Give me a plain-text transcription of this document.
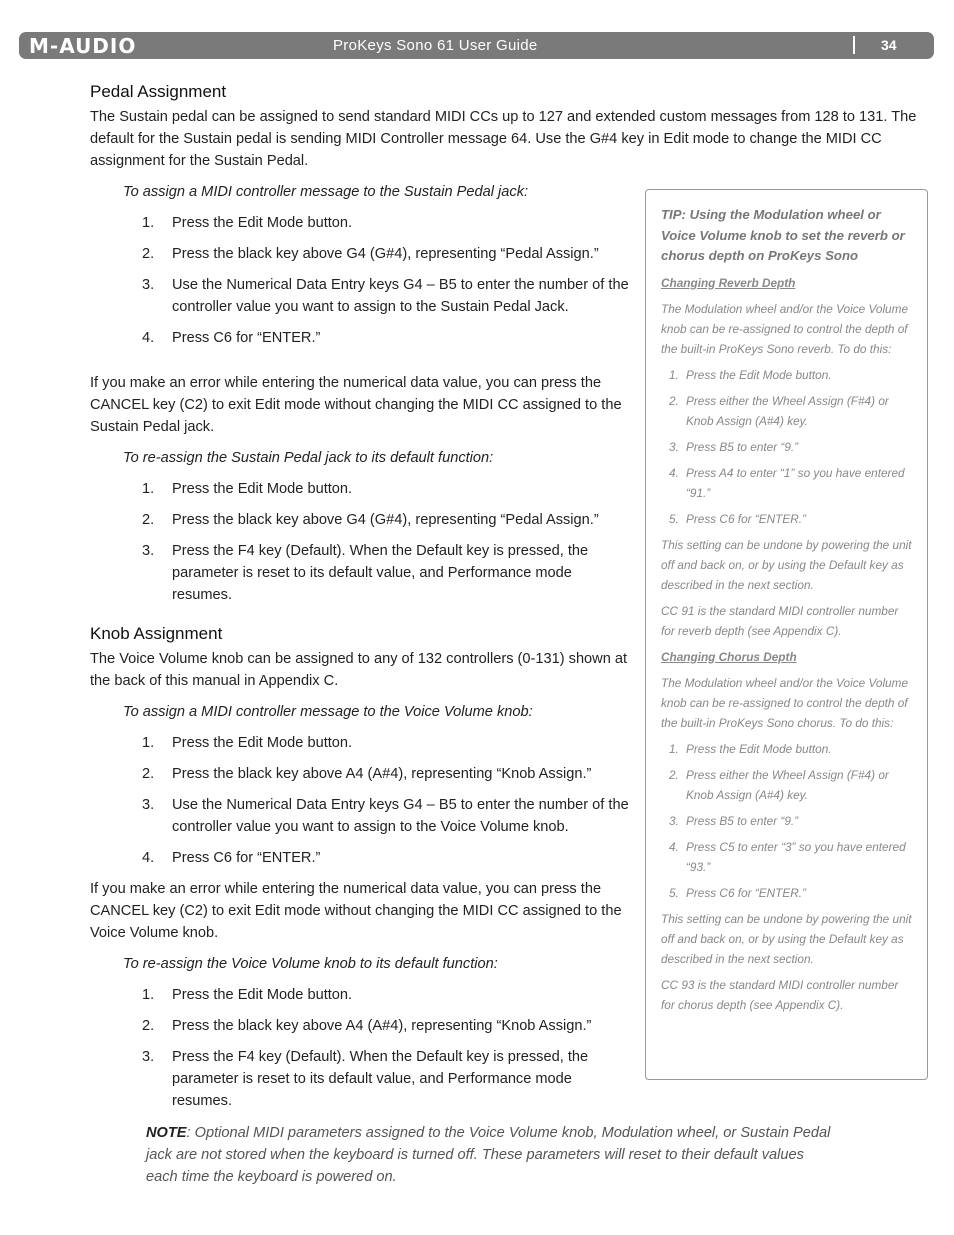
M-AUDIO	ProKeys Sono 61 User Guide	34
Pedal Assignment

The Sustain pedal can be assigned to send standard MIDI CCs up to 127 and extended custom messages from 128 to 131. The default for the Sustain pedal is sending MIDI Controller message 64. Use the G#4 key in Edit mode to change the MIDI CC assignment for the Sustain Pedal.

To assign a MIDI controller message to the Sustain Pedal jack:

1. Press the Edit Mode button.
2. Press the black key above G4 (G#4), representing “Pedal Assign.”
3. Use the Numerical Data Entry keys G4 – B5 to enter the number of the controller value you want to assign to the Sustain Pedal Jack.
4. Press C6 for “ENTER.”

If you make an error while entering the numerical data value, you can press the CANCEL key (C2) to exit Edit mode without changing the MIDI CC assigned to the Sustain Pedal jack.

To re-assign the Sustain Pedal jack to its default function:

1. Press the Edit Mode button.
2. Press the black key above G4 (G#4), representing “Pedal Assign.”
3. Press the F4 key (Default). When the Default key is pressed, the parameter is reset to its default value, and Performance mode resumes.
Knob Assignment

The Voice Volume knob can be assigned to any of 132 controllers (0-131) shown at the back of this manual in Appendix C.

To assign a MIDI controller message to the Voice Volume knob:

1. Press the Edit Mode button.
2. Press the black key above A4 (A#4), representing “Knob Assign.”
3. Use the Numerical Data Entry keys G4 – B5 to enter the number of the controller value you want to assign to the Voice Volume knob.
4. Press C6 for “ENTER.”

If you make an error while entering the numerical data value, you can press the CANCEL key (C2) to exit Edit mode without changing the MIDI CC assigned to the Voice Volume knob.

To re-assign the Voice Volume knob to its default function:

1. Press the Edit Mode button.
2. Press the black key above A4 (A#4), representing “Knob Assign.”
3. Press the F4 key (Default). When the Default key is pressed, the parameter is reset to its default value, and Performance mode resumes.

NOTE: Optional MIDI parameters assigned to the Voice Volume knob, Modulation wheel, or Sustain Pedal jack are not stored when the keyboard is turned off. These parameters will reset to their default values each time the keyboard is powered on.

TIP: Using the Modulation wheel or Voice Volume knob to set the reverb or chorus depth on ProKeys Sono

Changing Reverb Depth

The Modulation wheel and/or the Voice Volume knob can be re-assigned to control the depth of the built-in ProKeys Sono reverb. To do this:

1. Press the Edit Mode button.
2. Press either the Wheel Assign (F#4) or Knob Assign (A#4) key.
3. Press B5 to enter “9.”
4. Press A4 to enter “1” so you have entered “91.”
5. Press C6 for “ENTER.”

This setting can be undone by powering the unit off and back on, or by using the Default key as described in the next section.

CC 91 is the standard MIDI controller number for reverb depth (see Appendix C).

Changing Chorus Depth

The Modulation wheel and/or the Voice Volume knob can be re-assigned to control the depth of the built-in ProKeys Sono chorus. To do this:

1. Press the Edit Mode button.
2. Press either the Wheel Assign (F#4) or Knob Assign (A#4) key.
3. Press B5 to enter “9.”
4. Press C5 to enter “3” so you have entered “93.”
5. Press C6 for “ENTER.”

This setting can be undone by powering the unit off and back on, or by using the Default key as described in the next section.

CC 93 is the standard MIDI controller number for chorus depth (see Appendix C).
